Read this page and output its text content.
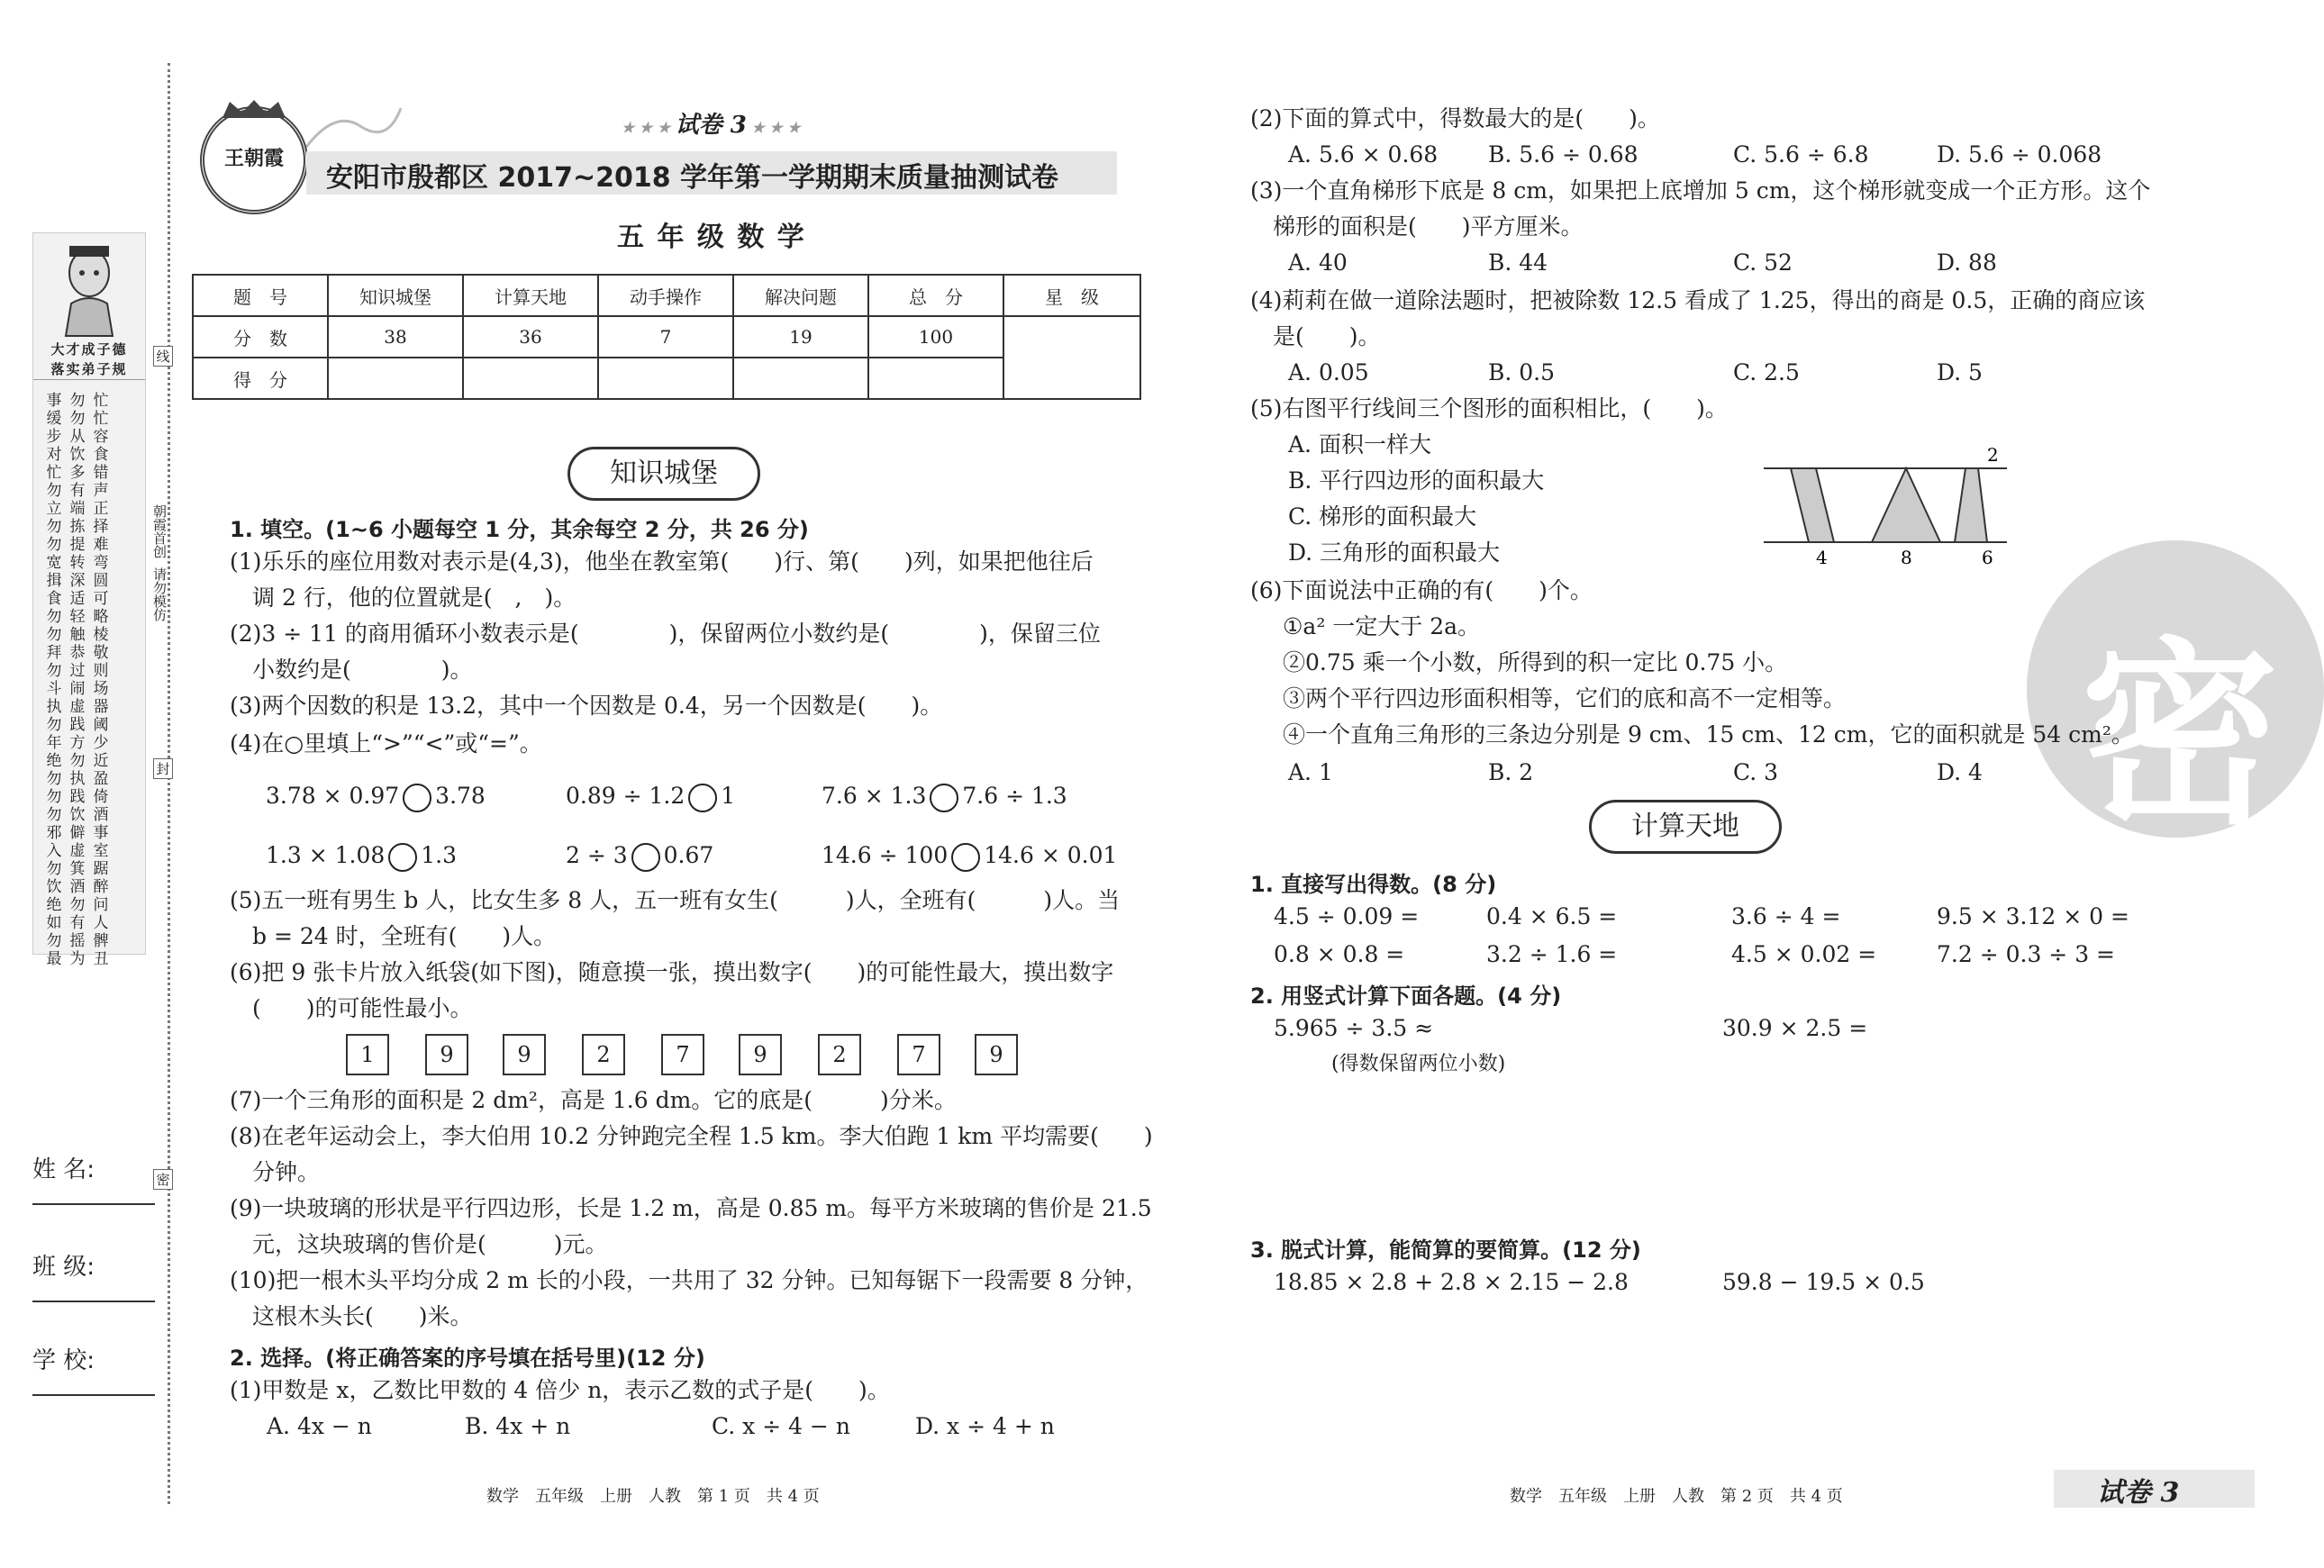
线
封
密
朝霞首创
请勿模仿
大才成子德
落实弟子规
事
缓
步
对
勿
勿
从
饮
忙
忙
容
食
忙
勿
立
勿
多
有
端
拣
错
声
正
择
勿
宽
揖
食
提
转
深
适
难
弯
圆
可
勿
勿
拜
勿
轻
触
恭
过
略
棱
敬
则
斗
执
勿
年
闹
虚
践
方
场
器
阈
少
绝
勿
勿
勿
勿
执
践
饮
近
盈
倚
酒
邪
入
勿
饮
僻
虚
箕
酒
事
室
踞
醉
绝
如
勿
最
勿
有
摇
为
问
人
髀
丑
姓 名:
班 级:
学 校:
王朝霞
★ ★ ★ 试卷 3 ★ ★ ★
安阳市殷都区 2017~2018 学年第一学期期末质量抽测试卷
五 年 级 数 学
题　号	知识城堡	计算天地	动手操作	解决问题	总　分	星　级
分　数	38	36	7	19	100	
得　分						
知识城堡
1. 填空。(1~6 小题每空 1 分，其余每空 2 分，共 26 分)
(1)乐乐的座位用数对表示是(4,3)，他坐在教室第(　　)行、第(　　)列，如果把他往后
　调 2 行，他的位置就是(　,　)。
(2)3 ÷ 11 的商用循环小数表示是(　　　　)，保留两位小数约是(　　　　)，保留三位
　小数约是(　　　　)。
(3)两个因数的积是 13.2，其中一个因数是 0.4，另一个因数是(　　)。
(4)在○里填上“>”“<”或“=”。
3.78 × 0.97 3.78	0.89 ÷ 1.2 1	7.6 × 1.3 7.6 ÷ 1.3
1.3 × 1.08 1.3	2 ÷ 3 0.67	14.6 ÷ 100 14.6 × 0.01
(5)五一班有男生 b 人，比女生多 8 人，五一班有女生(　　　)人，全班有(　　　)人。当
　b = 24 时，全班有(　　)人。
(6)把 9 张卡片放入纸袋(如下图)，随意摸一张，摸出数字(　　)的可能性最大，摸出数字
　(　　)的可能性最小。
1	9	9	2	7	9	2	7	9
(7)一个三角形的面积是 2 dm²，高是 1.6 dm。它的底是(　　　)分米。
(8)在老年运动会上，李大伯用 10.2 分钟跑完全程 1.5 km。李大伯跑 1 km 平均需要(　　)
　分钟。
(9)一块玻璃的形状是平行四边形，长是 1.2 m，高是 0.85 m。每平方米玻璃的售价是 21.5
　元，这块玻璃的售价是(　　　)元。
(10)把一根木头平均分成 2 m 长的小段，一共用了 32 分钟。已知每锯下一段需要 8 分钟，
　这根木头长(　　)米。
2. 选择。(将正确答案的序号填在括号里)(12 分)
(1)甲数是 x，乙数比甲数的 4 倍少 n，表示乙数的式子是(　　)。
A. 4x − n	B. 4x + n	C. x ÷ 4 − n	D. x ÷ 4 + n
数学　五年级　上册　人教　第 1 页　共 4 页
密
(2)下面的算式中，得数最大的是(　　)。
A. 5.6 × 0.68 B. 5.6 ÷ 0.68	C. 5.6 ÷ 6.8	D. 5.6 ÷ 0.068
(3)一个直角梯形下底是 8 cm，如果把上底增加 5 cm，这个梯形就变成一个正方形。这个
　梯形的面积是(　　)平方厘米。
A. 40	B. 44	C. 52	D. 88
(4)莉莉在做一道除法题时，把被除数 12.5 看成了 1.25，得出的商是 0.5，正确的商应该
　是(　　)。
A. 0.05	B. 0.5	C. 2.5	D. 5
(5)右图平行线间三个图形的面积相比，(　　)。
A. 面积一样大
B. 平行四边形的面积最大
C. 梯形的面积最大
D. 三角形的面积最大
2
4	8	6
(6)下面说法中正确的有(　　)个。
①a² 一定大于 2a。
②0.75 乘一个小数，所得到的积一定比 0.75 小。
③两个平行四边形面积相等，它们的底和高不一定相等。
④一个直角三角形的三条边分别是 9 cm、15 cm、12 cm，它的面积就是 54 cm²。
A. 1	B. 2	C. 3	D. 4
计算天地
1. 直接写出得数。(8 分)
4.5 ÷ 0.09 =	0.4 × 6.5 =	3.6 ÷ 4 =	9.5 × 3.12 × 0 =
0.8 × 0.8 =	3.2 ÷ 1.6 =	4.5 × 0.02 =	7.2 ÷ 0.3 ÷ 3 =
2. 用竖式计算下面各题。(4 分)
5.965 ÷ 3.5 ≈	30.9 × 2.5 =
(得数保留两位小数)
3. 脱式计算，能简算的要简算。(12 分)
18.85 × 2.8 + 2.8 × 2.15 − 2.8	59.8 − 19.5 × 0.5
数学　五年级　上册　人教　第 2 页　共 4 页	试卷 3
